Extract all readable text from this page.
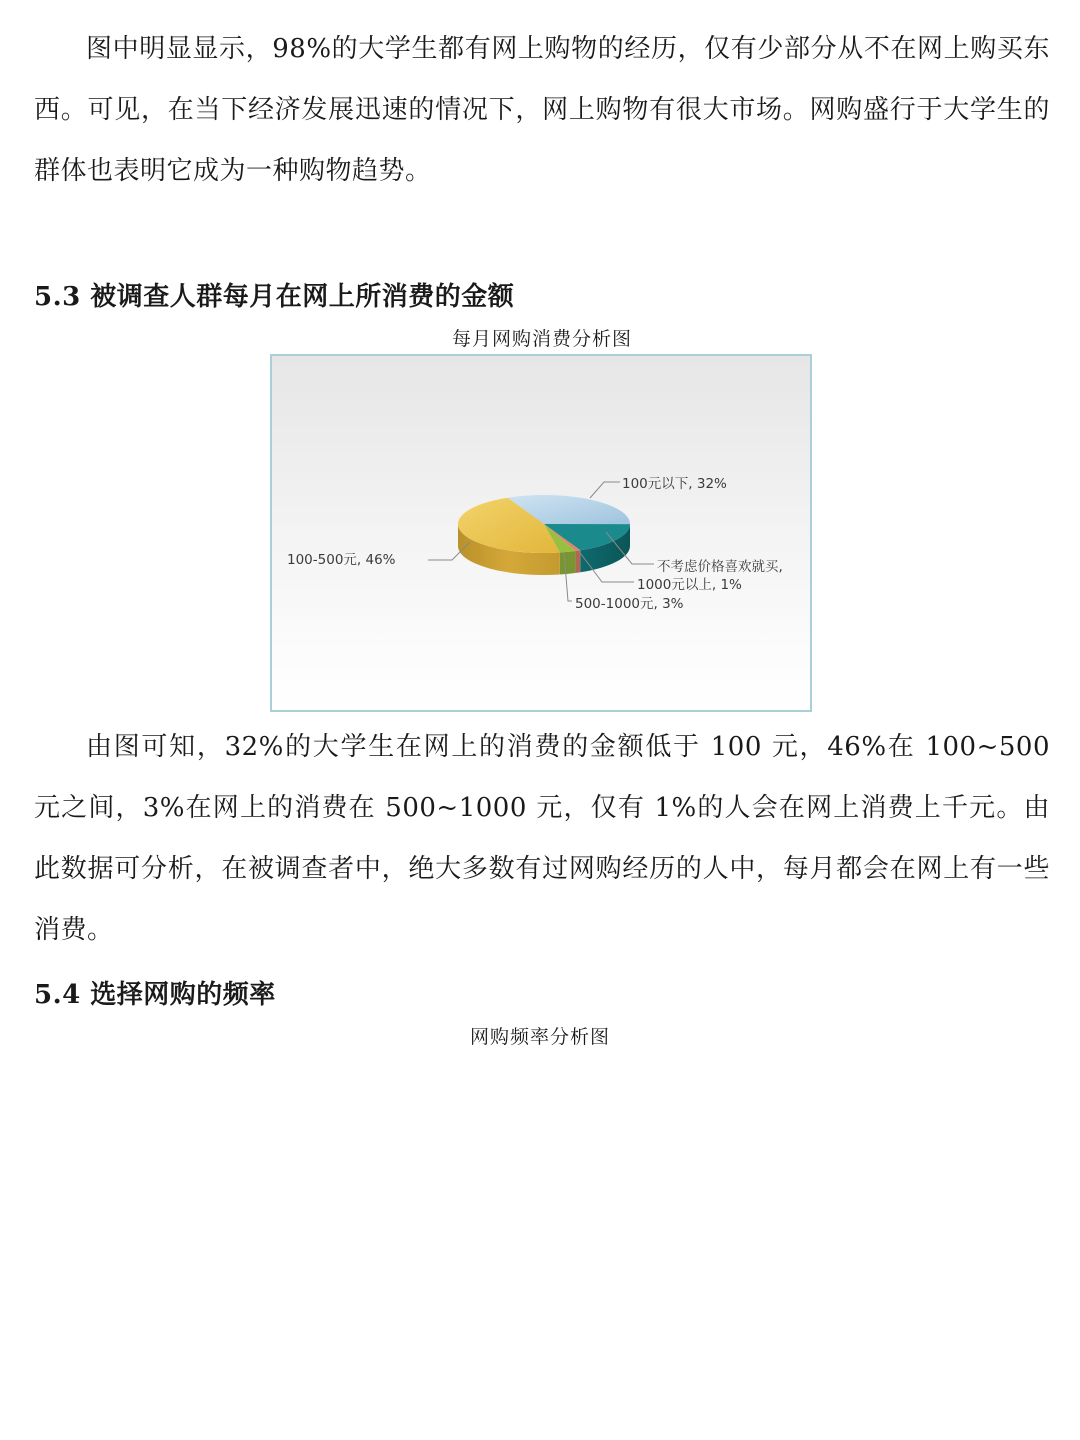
图中明显显示，98%的大学生都有网上购物的经历，仅有少部分从不在网上购买东西。可见，在当下经济发展迅速的情况下，网上购物有很大市场。网购盛行于大学生的群体也表明它成为一种购物趋势。

5.3 被调查人群每月在网上所消费的金额

每月网购消费分析图

100元以下, 32%
不考虑价格喜欢就买,
1000元以上, 1%
500-1000元, 3%
100-500元, 46%

由图可知，32%的大学生在网上的消费的金额低于 100 元，46%在 100~500 元之间，3%在网上的消费在 500~1000 元，仅有 1%的人会在网上消费上千元。由此数据可分析，在被调查者中，绝大多数有过网购经历的人中，每月都会在网上有一些消费。

5.4 选择网购的频率

网购频率分析图
